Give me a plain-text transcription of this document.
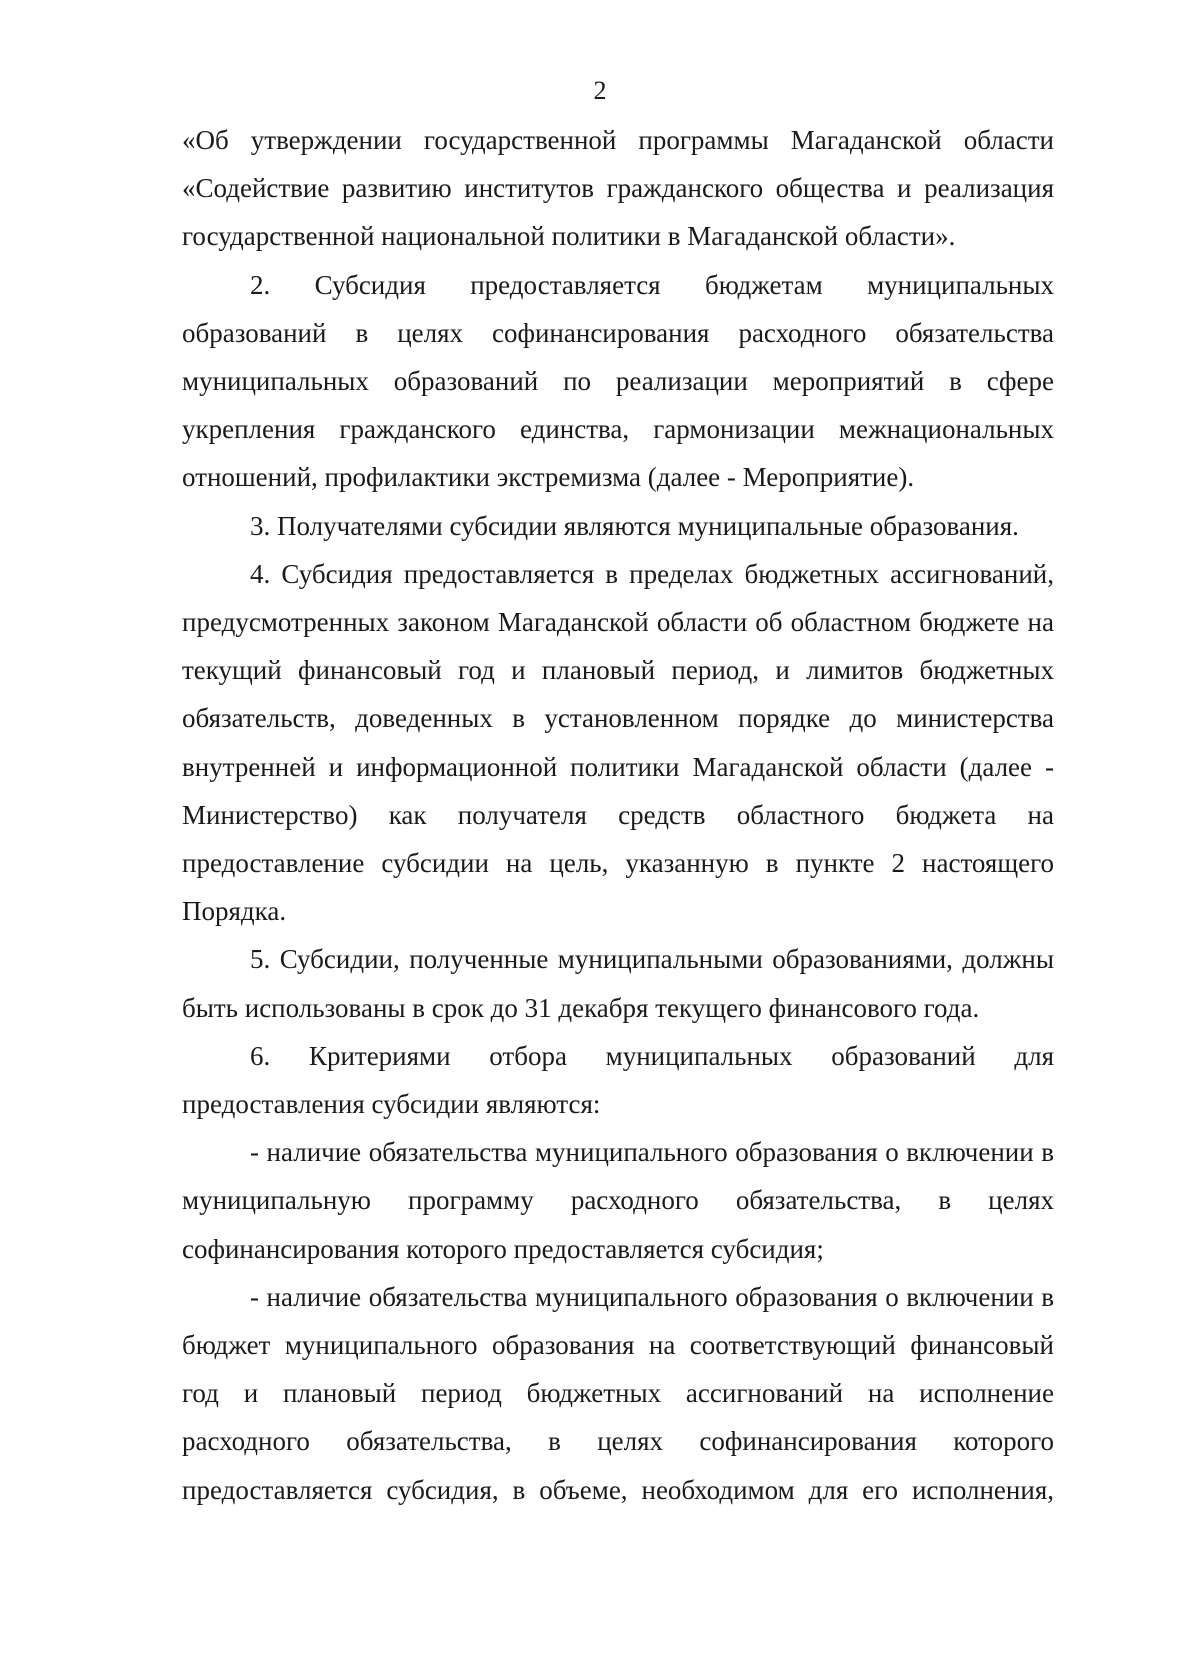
2

«Об утверждении государственной программы Магаданской области «Содействие развитию институтов гражданского общества и реализация государственной национальной политики в Магаданской области».

2. Субсидия предоставляется бюджетам муниципальных образований в целях софинансирования расходного обязательства муниципальных образований по реализации мероприятий в сфере укрепления гражданского единства, гармонизации межнациональных отношений, профилактики экстремизма (далее - Мероприятие).

3. Получателями субсидии являются муниципальные образования.

4. Субсидия предоставляется в пределах бюджетных ассигнований, предусмотренных законом Магаданской области об областном бюджете на текущий финансовый год и плановый период, и лимитов бюджетных обязательств, доведенных в установленном порядке до министерства внутренней и информационной политики Магаданской области (далее - Министерство) как получателя средств областного бюджета на предоставление субсидии на цель, указанную в пункте 2 настоящего Порядка.

5. Субсидии, полученные муниципальными образованиями, должны быть использованы в срок до 31 декабря текущего финансового года.

6. Критериями отбора муниципальных образований для предоставления субсидии являются:

- наличие обязательства муниципального образования о включении в муниципальную программу расходного обязательства, в целях софинансирования которого предоставляется субсидия;

- наличие обязательства муниципального образования о включении в бюджет муниципального образования на соответствующий финансовый год и плановый период бюджетных ассигнований на исполнение расходного обязательства, в целях софинансирования которого предоставляется субсидия, в объеме, необходимом для его исполнения,
